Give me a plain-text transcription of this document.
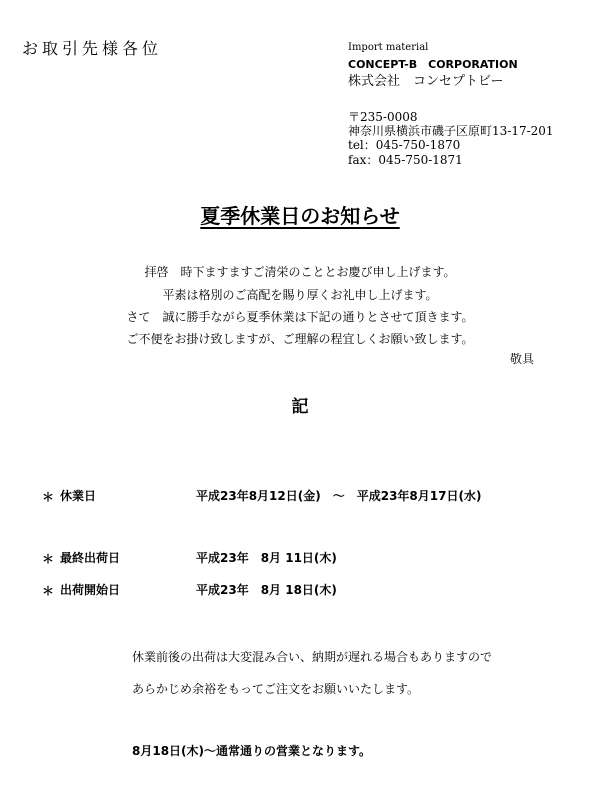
お取引先様各位	Import material
CONCEPT-B　CORPORATION
株式会社　コンセプトビー
〒235-0008
神奈川県横浜市磯子区原町13-17-201
tel：045-750-1870
fax：045-750-1871
夏季休業日のお知らせ
拝啓　時下ますますご清栄のこととお慶び申し上げます。
平素は格別のご高配を賜り厚くお礼申し上げます。
さて　誠に勝手ながら夏季休業は下記の通りとさせて頂きます。
ご不便をお掛け致しますが、ご理解の程宜しくお願い致します。
敬具
記
＊ 休業日	平成23年8月12日(金)　～　平成23年8月17日(水)
＊ 最終出荷日	平成23年　8月 11日(木)
＊ 出荷開始日	平成23年　8月 18日(木)
休業前後の出荷は大変混み合い、納期が遅れる場合もありますので
あらかじめ余裕をもってご注文をお願いいたします。
8月18日(木)～通常通りの営業となります。
